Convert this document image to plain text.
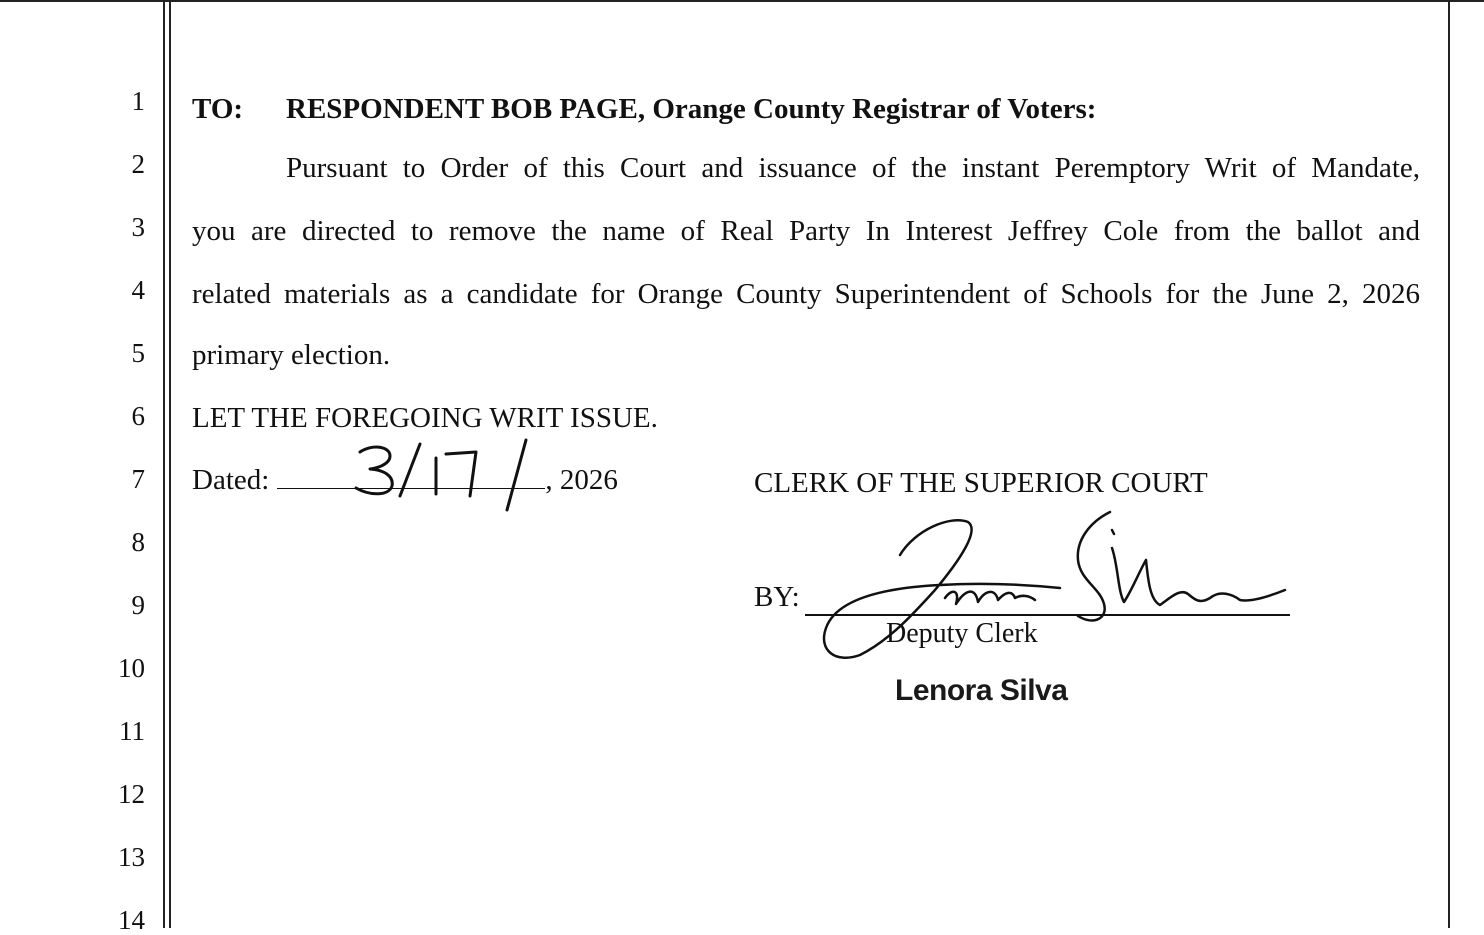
1
2
3
4
5
6
7
8
9
10
11
12
13
14
TO: RESPONDENT BOB PAGE, Orange County Registrar of Voters:
Pursuant to Order of this Court and issuance of the instant Peremptory Writ of Mandate,
you are directed to remove the name of Real Party In Interest Jeffrey Cole from the ballot and
related materials as a candidate for Orange County Superintendent of Schools for the June 2, 2026
primary election.
LET THE FOREGOING WRIT ISSUE.
Dated:	, 2026	CLERK OF THE SUPERIOR COURT
BY:
Deputy Clerk
Lenora Silva
